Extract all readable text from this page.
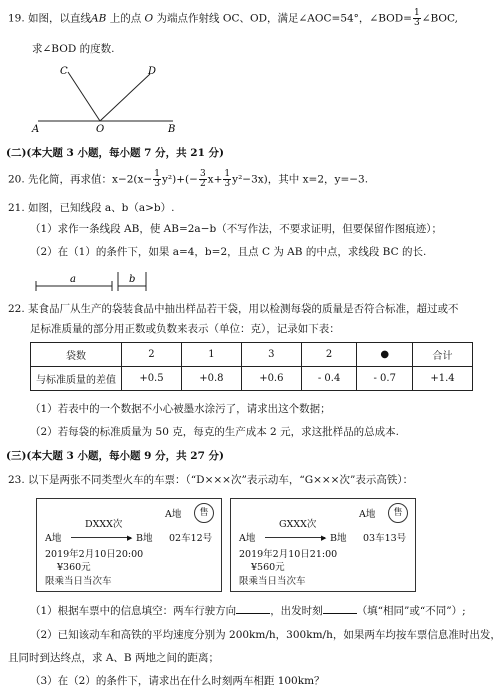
19. 如图，以直线AB 上的点 O 为端点作射线 OC、OD，满足∠AOC=54°，∠BOD= $\frac{1}{3}$ ∠BOC,
求∠BOD 的度数.
A	O	B
C	D
(二)(本大题 3 小题，每小题 7 分，共 21 分)
20. 先化简，再求值：$x-2(x- \frac{1}{3} y^2)+(- \frac{3}{2} x+ \frac{1}{3} y^2-3x)$，其中 x=2，y=−3.
21. 如图，已知线段 a、b（a>b）.
（1）求作一条线段 AB，使 AB=2a−b（不写作法，不要求证明，但要保留作图痕迹）；
（2）在（1）的条件下，如果 a=4，b=2，且点 C 为 AB 的中点，求线段 BC 的长.
a	b
22. 某食品厂从生产的袋装食品中抽出样品若干袋，用以检测每袋的质量是否符合标准，超过或不
足标准质量的部分用正数或负数来表示（单位：克），记录如下表：
袋数	2	1	3	2	●	合计
与标准质量的差值	+0.5	+0.8	+0.6	- 0.4	- 0.7	+1.4
（1）若表中的一个数据不小心被墨水涂污了，请求出这个数据；
（2）若每袋的标准质量为 50 克，每克的生产成本 2 元，求这批样品的总成本.
(三)(本大题 3 小题，每小题 9 分，共 27 分)
23. 以下是两张不同类型火车的车票：（“D×××次”表示动车，“G×××次”表示高铁）：
A地	售
A地
DXXX次
▶ B地 02车12号
2019年2月10日20:00
¥360元
限乘当日当次车
A地	售
A地
GXXX次
▶ B地 03车13号
2019年2月10日21:00
¥560元
限乘当日当次车
（1）根据车票中的信息填空：两车行驶方向	，出发时刻	（填“相同”或“不同”）;
（2）已知该动车和高铁的平均速度分别为 200km/h，300km/h，如果两车均按车票信息准时出发，
且同时到达终点，求 A、B 两地之间的距离；
（3）在（2）的条件下，请求出在什么时刻两车相距 100km？
